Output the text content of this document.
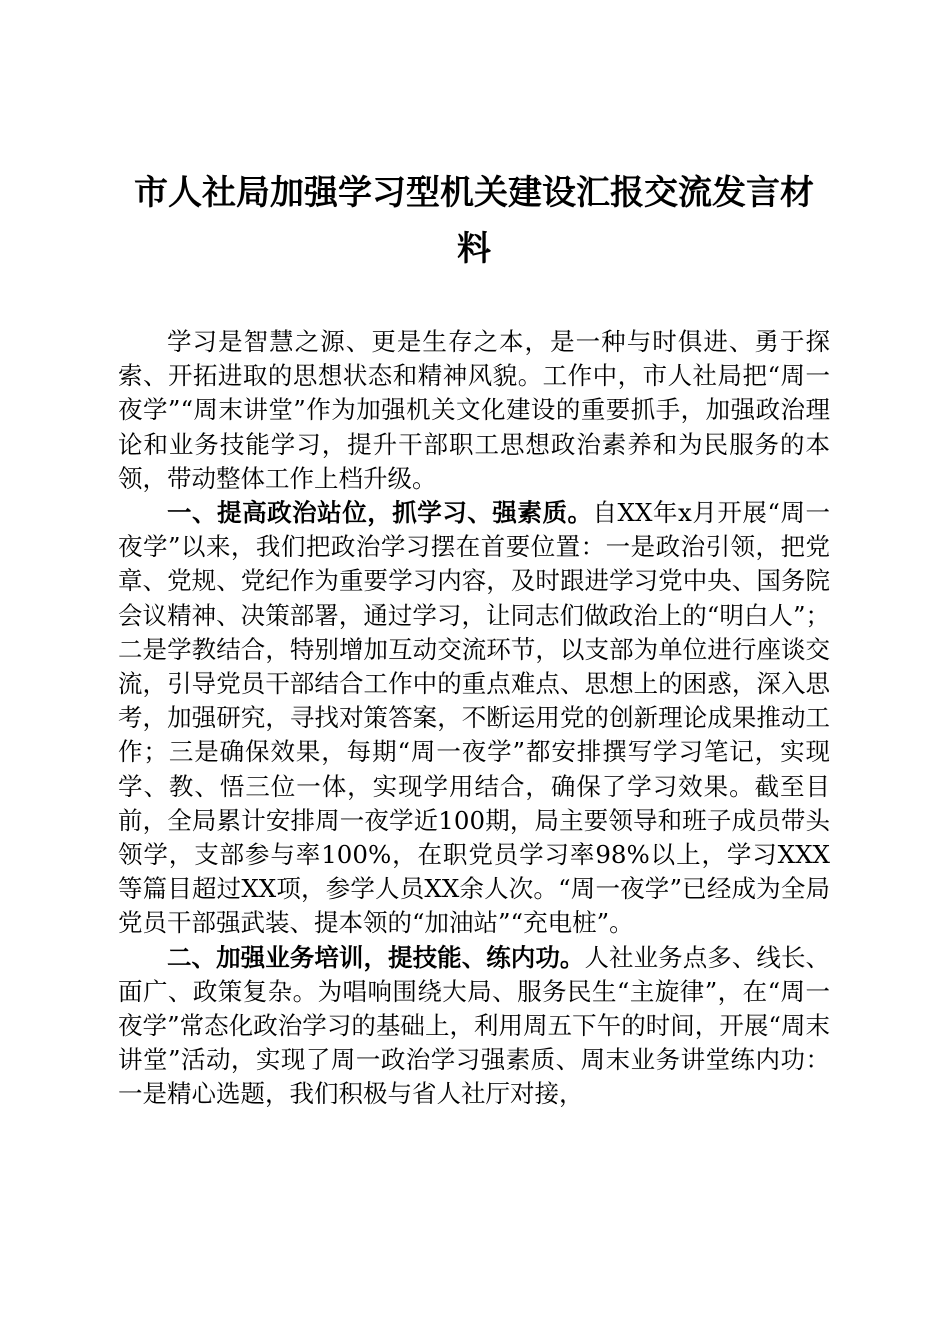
市人社局加强学习型机关建设汇报交流发言材
料

学习是智慧之源、更是生存之本，是一种与时俱进、勇于探索、开拓进取的思想状态和精神风貌。工作中，市人社局把“周一夜学”“周末讲堂”作为加强机关文化建设的重要抓手，加强政治理论和业务技能学习，提升干部职工思想政治素养和为民服务的本领，带动整体工作上档升级。

一、提高政治站位，抓学习、强素质。自XX年x月开展“周一夜学”以来，我们把政治学习摆在首要位置：一是政治引领，把党章、党规、党纪作为重要学习内容，及时跟进学习党中央、国务院会议精神、决策部署，通过学习，让同志们做政治上的“明白人”；二是学教结合，特别增加互动交流环节，以支部为单位进行座谈交流，引导党员干部结合工作中的重点难点、思想上的困惑，深入思考，加强研究，寻找对策答案，不断运用党的创新理论成果推动工作；三是确保效果，每期“周一夜学”都安排撰写学习笔记，实现学、教、悟三位一体，实现学用结合，确保了学习效果。截至目前，全局累计安排周一夜学近100期，局主要领导和班子成员带头领学，支部参与率100%，在职党员学习率98%以上，学习XXX等篇目超过XX项，参学人员XX余人次。“周一夜学”已经成为全局党员干部强武装、提本领的“加油站”“充电桩”。

二、加强业务培训，提技能、练内功。人社业务点多、线长、面广、政策复杂。为唱响围绕大局、服务民生“主旋律”，在“周一夜学”常态化政治学习的基础上，利用周五下午的时间，开展“周末讲堂”活动，实现了周一政治学习强素质、周末业务讲堂练内功：一是精心选题，我们积极与省人社厅对接，
